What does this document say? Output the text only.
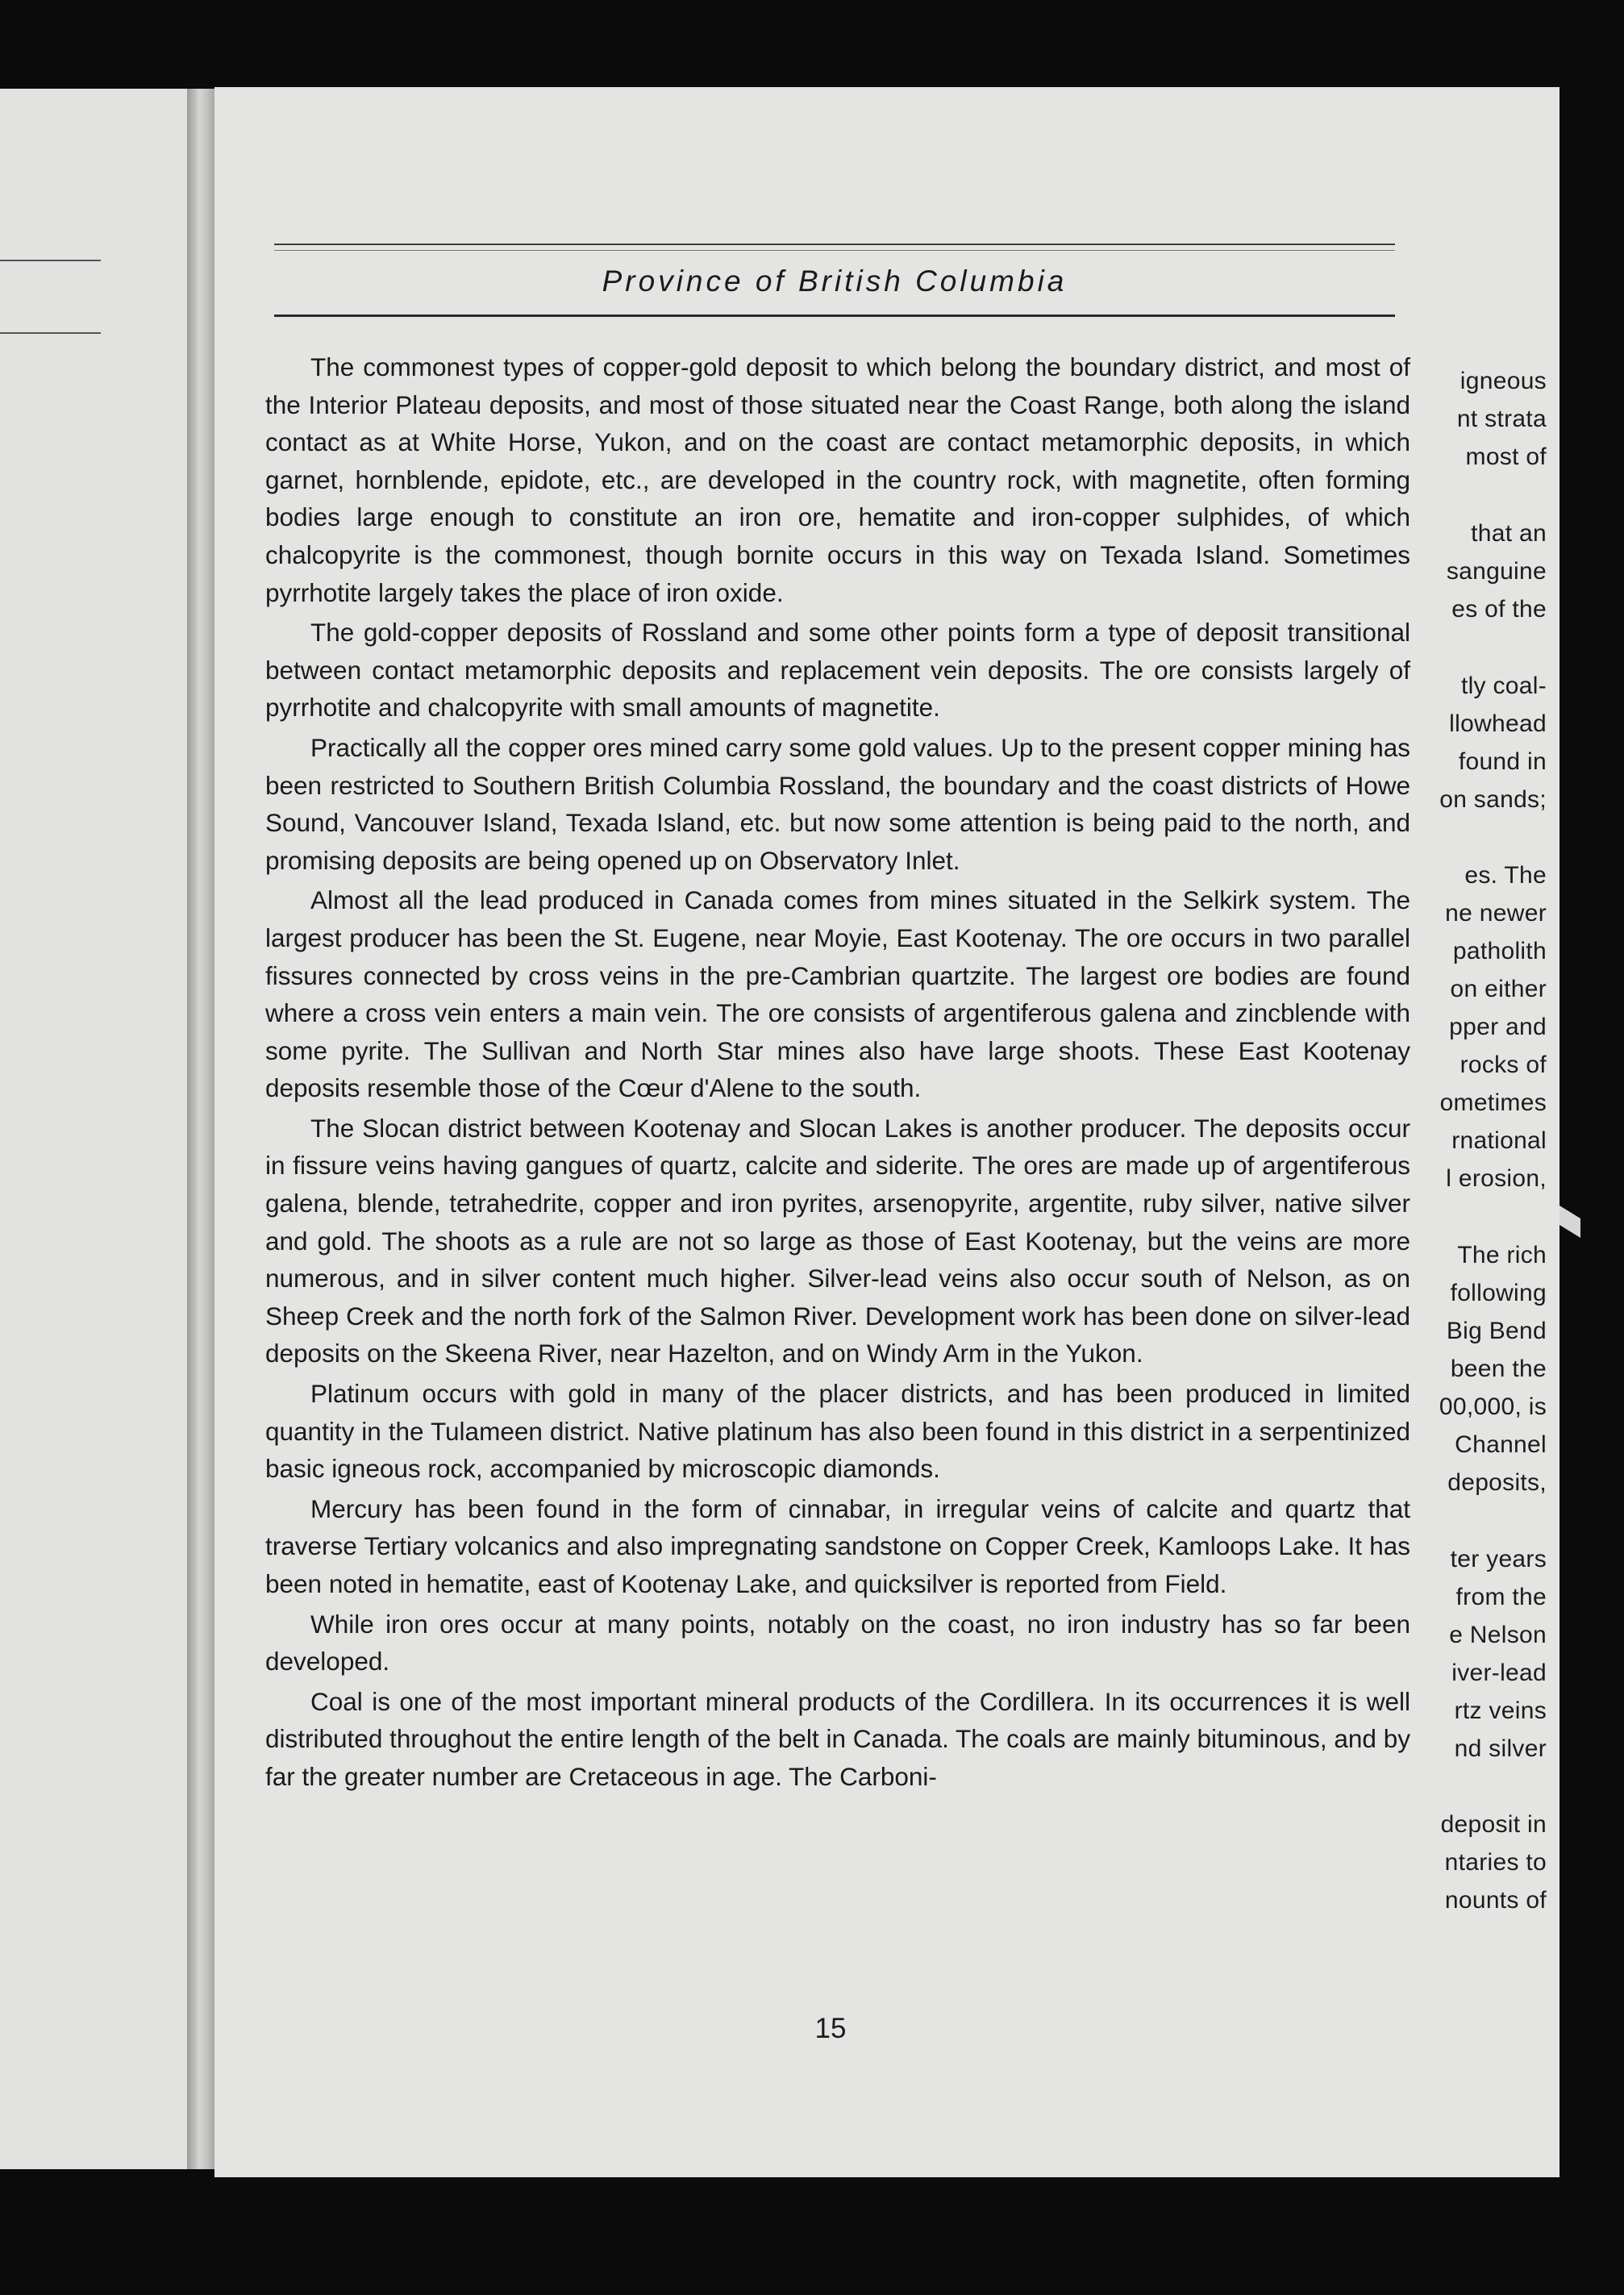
igneous
nt strata
most of
that an
sanguine
es of the
tly coal-
llowhead
found in
on sands;
es. The
ne newer
patholith
on either
pper and
rocks of
ometimes
rnational
l erosion,
The rich
following
Big Bend
been the
00,000, is
Channel
deposits,
ter years
from the
e Nelson
iver-lead
rtz veins
nd silver
deposit in
ntaries to
nounts of
Province of British Columbia

The commonest types of copper-gold deposit to which belong the boundary district, and most of the Interior Plateau deposits, and most of those situated near the Coast Range, both along the island contact as at White Horse, Yukon, and on the coast are contact metamorphic deposits, in which garnet, hornblende, epidote, etc., are developed in the country rock, with magnetite, often forming bodies large enough to constitute an iron ore, hematite and iron-copper sulphides, of which chalcopyrite is the commonest, though bornite occurs in this way on Texada Island. Sometimes pyrrhotite largely takes the place of iron oxide.

The gold-copper deposits of Rossland and some other points form a type of deposit transitional between contact metamorphic deposits and replacement vein deposits. The ore consists largely of pyrrhotite and chalcopyrite with small amounts of magnetite.

Practically all the copper ores mined carry some gold values. Up to the present copper mining has been restricted to Southern British Columbia Rossland, the boundary and the coast districts of Howe Sound, Vancouver Island, Texada Island, etc. but now some attention is being paid to the north, and promising deposits are being opened up on Observatory Inlet.

Almost all the lead produced in Canada comes from mines situated in the Selkirk system. The largest producer has been the St. Eugene, near Moyie, East Kootenay. The ore occurs in two parallel fissures connected by cross veins in the pre-Cambrian quartzite. The largest ore bodies are found where a cross vein enters a main vein. The ore consists of argentiferous galena and zincblende with some pyrite. The Sullivan and North Star mines also have large shoots. These East Kootenay deposits resemble those of the Cœur d'Alene to the south.

The Slocan district between Kootenay and Slocan Lakes is another producer. The deposits occur in fissure veins having gangues of quartz, calcite and siderite. The ores are made up of argentiferous galena, blende, tetrahedrite, copper and iron pyrites, arsenopyrite, argentite, ruby silver, native silver and gold. The shoots as a rule are not so large as those of East Kootenay, but the veins are more numerous, and in silver content much higher. Silver-lead veins also occur south of Nelson, as on Sheep Creek and the north fork of the Salmon River. Development work has been done on silver-lead deposits on the Skeena River, near Hazelton, and on Windy Arm in the Yukon.

Platinum occurs with gold in many of the placer districts, and has been produced in limited quantity in the Tulameen district. Native platinum has also been found in this district in a serpentinized basic igneous rock, accompanied by microscopic diamonds.

Mercury has been found in the form of cinnabar, in irregular veins of calcite and quartz that traverse Tertiary volcanics and also impregnating sandstone on Copper Creek, Kamloops Lake. It has been noted in hematite, east of Kootenay Lake, and quicksilver is reported from Field.

While iron ores occur at many points, notably on the coast, no iron industry has so far been developed.

Coal is one of the most important mineral products of the Cordillera. In its occurrences it is well distributed throughout the entire length of the belt in Canada. The coals are mainly bituminous, and by far the greater number are Cretaceous in age. The Carboni-

15
